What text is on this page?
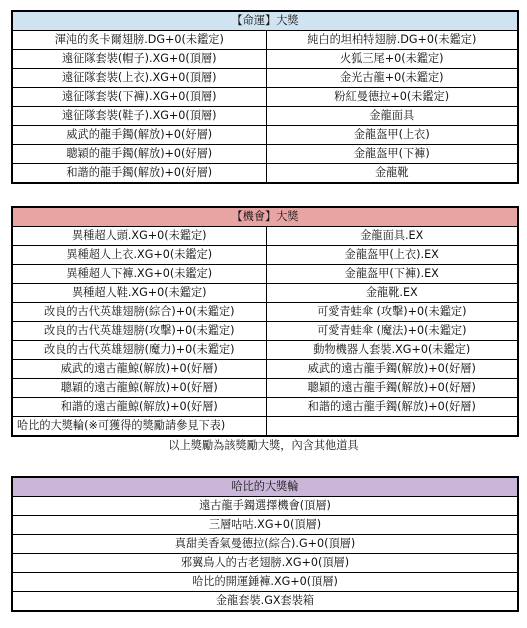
【命運】大獎	
渾沌的炙卡爾翅膀.DG+0(未鑑定)	純白的坦柏特翅膀.DG+0(未鑑定)
遠征隊套裝(帽子).XG+0(頂層)	火狐三尾+0(未鑑定)
遠征隊套裝(上衣).XG+0(頂層)	金光古龍+0(未鑑定)
遠征隊套裝(下褲).XG+0(頂層)	粉紅曼德拉+0(未鑑定)
遠征隊套裝(鞋子).XG+0(頂層)	金龍面具
威武的龍手鐲(解放)+0(好層)	金龍盔甲(上衣)
聰穎的龍手鐲(解放)+0(好層)	金龍盔甲(下褲)
和諧的龍手鐲(解放)+0(好層)	金龍靴
【機會】大獎	
異種超人頭.XG+0(未鑑定)	金龍面具.EX
異種超人上衣.XG+0(未鑑定)	金龍盔甲(上衣).EX
異種超人下褲.XG+0(未鑑定)	金龍盔甲(下褲).EX
異種超人鞋.XG+0(未鑑定)	金龍靴.EX
改良的古代英雄翅膀(綜合)+0(未鑑定)	可愛青蛙傘 (攻擊)+0(未鑑定)
改良的古代英雄翅膀(攻擊)+0(未鑑定)	可愛青蛙傘 (魔法)+0(未鑑定)
改良的古代英雄翅膀(魔力)+0(未鑑定)	動物機器人套裝.XG+0(未鑑定)
威武的遠古龍鯨(解放)+0(好層)	威武的遠古龍手鐲(解放)+0(好層)
聰穎的遠古龍鯨(解放)+0(好層)	聰穎的遠古龍手鐲(解放)+0(好層)
和諧的遠古龍鯨(解放)+0(好層)	和諧的遠古龍手鐲(解放)+0(好層)
哈比的大獎輪(※可獲得的獎勵請參見下表)	
以上獎勵為該獎勵大獎，內含其他道具
哈比的大獎輪
遠古龍手鐲選擇機會(頂層)
三層咕咕.XG+0(頂層)
真甜美香氣曼德拉(綜合).G+0(頂層)
邪翼鳥人的古老翅膀.XG+0(頂層)
哈比的開運錘褲.XG+0(頂層)
金龍套裝.GX套裝箱
